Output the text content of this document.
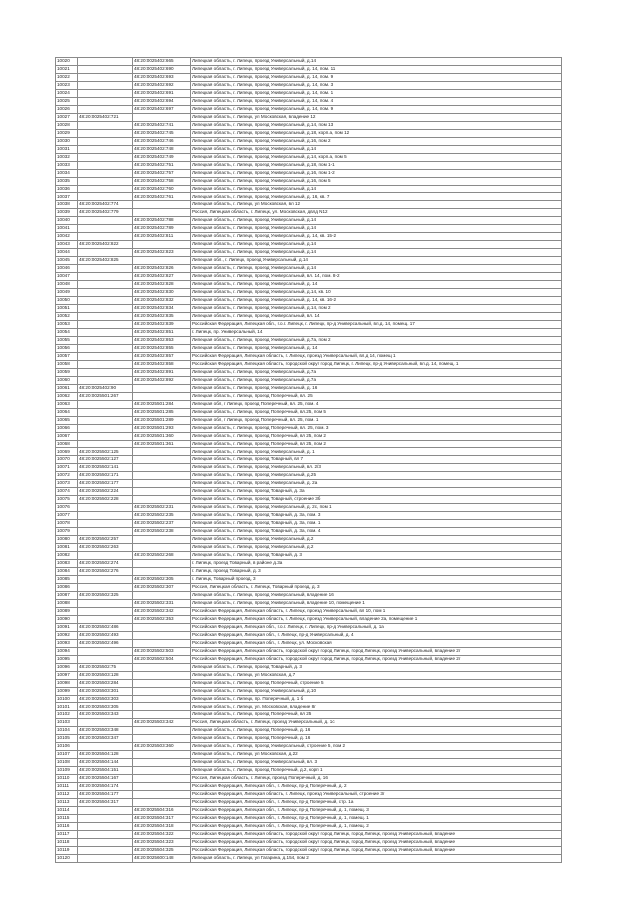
10020		48:20:0025402:665	Липецкая область, г. Липецк, проезд Универсальный, д.14
10021		48:20:0025402:690	Липецкая область, г. Липецк, проезд Универсальный, д. 14, пом. 11
10022		48:20:0025402:693	Липецкая область, г. Липецк, проезд Универсальный, д. 14, пом. 9
10023		48:20:0025402:692	Липецкая область, г. Липецк, проезд Универсальный, д. 14, пом. 3
10024		48:20:0025402:691	Липецкая область, г. Липецк, проезд Универсальный, д. 14, пом. 1
10025		48:20:0025402:694	Липецкая область, г. Липецк, проезд Универсальный, д. 14, пом. 4
10026		48:20:0025402:697	Липецкая область, г. Липецк, проезд Универсальный, д. 14, пом. 9
10027	48:20:0025402:721		Липецкая область, г. Липецк, ул Московская, владение 12
10028		48:20:0025402:741	Липецкая область, г. Липецк, проезд Универсальный, д.14, пом 13
10029		48:20:0025402:745	Липецкая область, г. Липецк, проезд Универсальный, д.18, корп.а, пом 12
10030		48:20:0025402:746	Липецкая область, г. Липецк, проезд Универсальный, д.16, пом 2
10031		48:20:0025402:748	Липецкая область, г. Липецк, проезд Универсальный, д.14
10032		48:20:0025402:749	Липецкая область, г. Липецк, проезд Универсальный, д.14, корп.а, пом 5
10033		48:20:0025402:751	Липецкая область, г. Липецк, проезд Универсальный, д.18, пом 1-1
10034		48:20:0025402:757	Липецкая область, г. Липецк, проезд Универсальный, д.16, пом 1-2
10035		48:20:0025402:758	Липецкая область, г. Липецк, проезд Универсальный, д.16, пом 5
10036		48:20:0025402:760	Липецкая область, г. Липецк, проезд Универсальный, д.14
10037		48:20:0025402:761	Липецкая область, г. Липецк, проезд Универсальный, д. 16, кв. 7
10038	48:20:0025402:774		Липецкая область, г. Липецк, ул Московская, вл 12
10039	48:20:0025402:779		Россия, Липецкая область, г. Липецк, ул. Московская, двлд N12
10040		48:20:0025402:788	Липецкая область, г. Липецк, проезд Универсальный, д.14
10041		48:20:0025402:789	Липецкая область, г. Липецк, проезд Универсальный, д.14
10042		48:20:0025402:811	Липецкая область, г. Липецк, проезд Универсальный, д. 14, кв. 15-2
10043	48:20:0025402:822		Липецкая область, г. Липецк, проезд Универсальный, д.14
10044		48:20:0025402:823	Липецкая область, г. Липецк, проезд Универсальный, д.14
10045	48:20:0025402:825		Липецкая обл., г. Липецк, проезд Универсальный, д.14
10046		48:20:0025402:826	Липецкая область, г. Липецк, проезд Универсальный, д.14
10047		48:20:0025402:827	Липецкая область, г. Липецк, проезд Универсальный, вл. 14, пом. 8-2
10048		48:20:0025402:828	Липецкая область, г. Липецк, проезд Универсальный, д. 14
10049		48:20:0025402:830	Липецкая область, г. Липецк, проезд Универсальный, д.14, кв. 10
10050		48:20:0025402:832	Липецкая область, г. Липецк, проезд Универсальный, д. 14, кв. 16-2
10051		48:20:0025402:834	Липецкая область, г. Липецк, проезд Универсальный, д.14, пом 2
10052		48:20:0025402:835	Липецкая область, г. Липецк, проезд Универсальный, вл. 14
10053		48:20:0025402:839	Российская Федерация, Липецкая обл., г.о.г. Липецк, г. Липецк, пр-д Универсальный, вл.д. 14, помещ. 17
10054		48:20:0025402:851	г. Липецк, пр. Универсальный, 14
10055		48:20:0025402:853	Липецкая область, г. Липецк, проезд Универсальный, д.7а, пом 2
10056		48:20:0025402:855	Липецкая область, г. Липецк, проезд Универсальный, д. 14
10057		48:20:0025402:857	Российская Федерация, Липецкая область, г. Липецк, проезд Универсальный, вл.д 14, помещ 1
10058		48:20:0025402:858	Российская Федерация, Липецкая область, городской округ город Липецк, г. Липецк, пр-д Универсальный, вл.д. 14, помещ. 1
10059		48:20:0025402:891	Липецкая область, г. Липецк, проезд Универсальный, д.7а
10060		48:20:0025402:892	Липецкая область, г. Липецк, проезд Универсальный, д.7а
10061	48:20:0025402:90		Липецкая область, г. Липецк, проезд Универсальный, д. 16
10062	48:20:0025501:267		Липецкая область, г. Липецк, проезд Поперечный, вл. 25
10063		48:20:0025501:284	Липецкая обл, г Липецк, проезд Поперечный, вл. 25, пом. 4
10064		48:20:0025501:285	Липецкая область, г. Липецк, проезд Поперечный, вл.25, пом 5
10065		48:20:0025501:289	Липецкая обл, г Липецк, проезд Поперечный, вл. 25, пом. 1
10066		48:20:0025501:293	Липецкая область, г. Липецк, проезд Поперечный, вл. 25, пом. 3
10067		48:20:0025501:360	Липецкая область, г. Липецк, проезд Поперечный, вл 25, пом 2
10068		48:20:0025501:361	Липецкая область, г. Липецк, проезд Поперечный, вл 25, пом 2
10069	48:20:0025502:125		Липецкая область, г. Липецк, проезд Универсальный, д. 1
10070	48:20:0025502:127		Липецкая область, г. Липецк, проезд Товарный, вл 7
10071	48:20:0025502:141		Липецкая область, г. Липецк, проезд Универсальный, вл. 2/3
10072	48:20:0025502:171		Липецкая область, г. Липецк, проезд Универсальный, д.25
10073	48:20:0025502:177		Липецкая область, г. Липецк, проезд Универсальный, д. 2а
10074	48:20:0025502:224		Липецкая область, г. Липецк, проезд Товарный, д. 3а
10075	48:20:0025502:228		Липецкая область, г. Липецк, проезд Товарный, строение 3б
10076		48:20:0025502:231	Липецкая область, г. Липецк, проезд Универсальный, д. 2с, пом 1
10077		48:20:0025502:235	Липецкая область, г. Липецк, проезд Товарный, д. 3а, пом. 3
10078		48:20:0025502:237	Липецкая область, г. Липецк, проезд Товарный, д. 3а, пом. 1
10079		48:20:0025502:238	Липецкая область, г. Липецк, проезд Товарный, д. 3а, пом. 4
10080	48:20:0025502:257		Липецкая область, г. Липецк, проезд Универсальный, д.2
10081	48:20:0025502:263		Липецкая область, г. Липецк, проезд Универсальный, д.2
10082		48:20:0025502:268	Липецкая область, г. Липецк, проезд Товарный, д. 3
10083	48:20:0025502:274		г. Липецк, проезд Товарный, в районе д.3а
10084	48:20:0025502:276		г. Липецк, проезд Товарный, д. 3
10085		48:20:0025502:305	г. Липецк, Товарный проезд, 3
10086		48:20:0025502:307	Россия, Липецкая область, г. Липецк, Товарный проезд, д. 3
10087	48:20:0025502:325		Липецкая область, г. Липецк, проезд Универсальный, владение 16
10088		48:20:0025502:331	Липецкая область, г. Липецк, проезд Универсальный, владение 10, помещение 1
10089		48:20:0025502:342	Российская Федерация, Липецкая область, г. Липецк, проезд Универсальный, вл 10, пом 1
10090		48:20:0025502:353	Российская Федерация, Липецкая область, г. Липецк, проезд Универсальный, владение 2а, помещение 1
10091	48:20:0025502:486		Российская Федерация, Липецкая обл., г.о.г. Липецк, г. Липецк, пр-д Универсальный, д. 1а
10092	48:20:0025502:493		Российская Федерация, Липецкая обл., г. Липецк, пр-д Универсальный, д. 4
10093	48:20:0025502:496		Российская Федерация, Липецкая обл., г. Липецк, ул. Московская
10094		48:20:0025502:503	Российская Федерация, Липецкая область, городской округ город Липецк, город Липецк, проезд Универсальный, владение 2г
10095		48:20:0025502:504	Российская Федерация, Липецкая область, городской округ город Липецк, город Липецк, проезд Универсальный, владение 2г
10096	48:20:0025502:75		Липецкая область, г. Липецк, проезд Товарный, д. 3
10097	48:20:0025503:128		Липецкая область, г. Липецк, ул Московская, д.7
10098	48:20:0025503:284		Липецкая область, г. Липецк, проезд Поперечный, строение 5
10099	48:20:0025503:301		Липецкая область, г. Липецк, проезд Универсальный, д.10
10100	48:20:0025503:303		Липецкая область, г. Липецк, пр. Поперечный, д. 1 б
10101	48:20:0025503:305		Липецкая область, г. Липецк, ул. Московская, владение 8г
10102	48:20:0025503:343		Липецкая область, г. Липецк, проезд Поперечный, вл 25
10103		48:20:0025503:342	Россия, Липецкая область, г. Липецк, проезд Универсальный, д. 1с
10104	48:20:0025503:348		Липецкая область, г. Липецк, проезд Поперечный, д. 16
10105	48:20:0025503:347		Липецкая область, г. Липецк, проезд Поперечный, д. 16
10106		48:20:0025503:360	Липецкая область, г. Липецк, проезд Универсальный, строение 5, пом 2
10107	48:20:0025504:128		Липецкая область, г. Липецк, ул Московская, д.22
10108	48:20:0025504:144		Липецкая область, г. Липецк, проезд Универсальный, вл. 3
10109	48:20:0025504:151		Липецкая область, г. Липецк, проезд Поперечный, д.2, корп 1
10110	48:20:0025504:167		Россия, Липецкая область, г. Липецк, проезд Поперечный, д. 16
10111	48:20:0025504:174		Российская Федерация, Липецкая обл., г. Липецк, пр-д Поперечный, д. 2
10112	48:20:0025504:177		Российская Федерация, Липецкая область, г. Липецк, проезд Универсальный, строение 3г
10113	48:20:0025504:317		Российская Федерация, Липецкая обл., г. Липецк, пр-д Поперечный, стр. 1а
10114		48:20:0025504:316	Российская Федерация, Липецкая обл., г. Липецк, пр-д Поперечный, д. 1, помещ. 3
10115		48:20:0025504:317	Российская Федерация, Липецкая обл., г. Липецк, пр-д Поперечный, д. 1, помещ. 1
10116		48:20:0025504:318	Российская Федерация, Липецкая обл., г. Липецк, пр-д Поперечный, д. 1, помещ. 2
10117		48:20:0025504:322	Российская Федерация, Липецкая область, городской округ город Липецк, город Липецк, проезд Универсальный, владение
10118		48:20:0025504:323	Российская Федерация, Липецкая область, городской округ город Липецк, город Липецк, проезд Универсальный, владение
10119		48:20:0025504:325	Российская Федерация, Липецкая область, городской округ город Липецк, город Липецк, проезд Универсальный, владение
10120		48:20:0025600:148	Липецкая область, г. Липецк, ул Гагарина, д.154, пом 2
